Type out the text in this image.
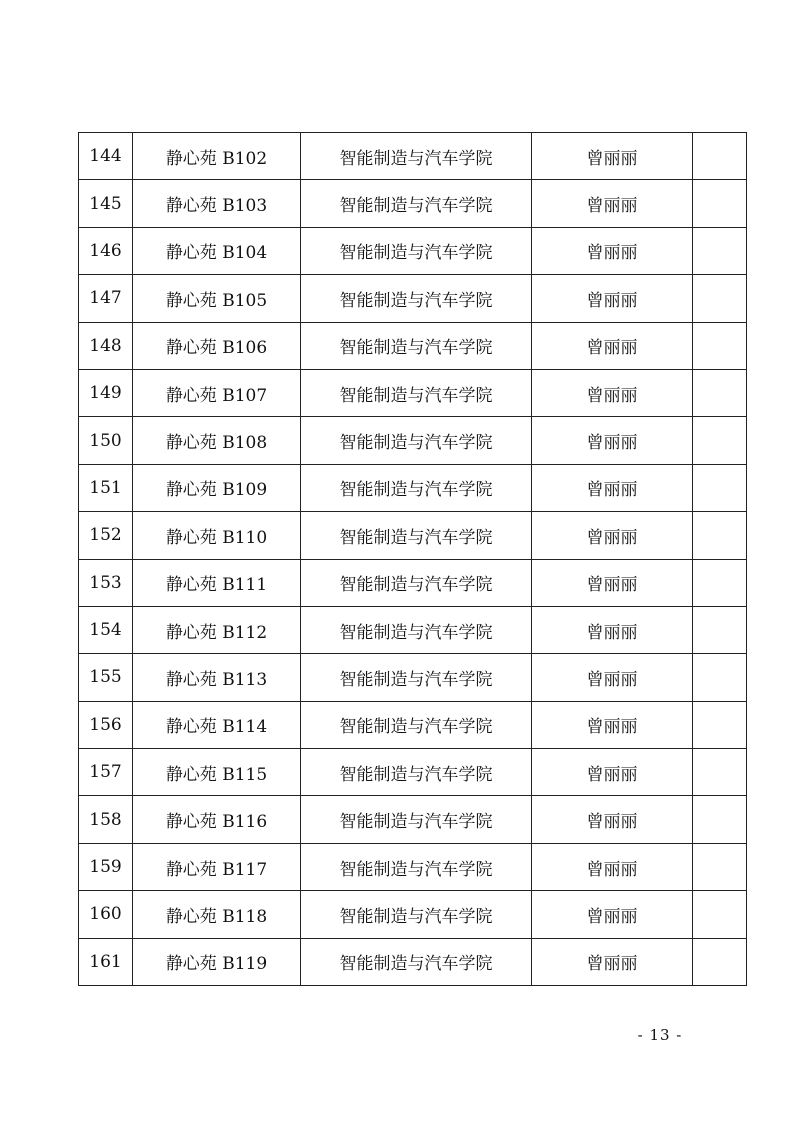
144	静心苑 B102	智能制造与汽车学院	曾丽丽	
145	静心苑 B103	智能制造与汽车学院	曾丽丽	
146	静心苑 B104	智能制造与汽车学院	曾丽丽	
147	静心苑 B105	智能制造与汽车学院	曾丽丽	
148	静心苑 B106	智能制造与汽车学院	曾丽丽	
149	静心苑 B107	智能制造与汽车学院	曾丽丽	
150	静心苑 B108	智能制造与汽车学院	曾丽丽	
151	静心苑 B109	智能制造与汽车学院	曾丽丽	
152	静心苑 B110	智能制造与汽车学院	曾丽丽	
153	静心苑 B111	智能制造与汽车学院	曾丽丽	
154	静心苑 B112	智能制造与汽车学院	曾丽丽	
155	静心苑 B113	智能制造与汽车学院	曾丽丽	
156	静心苑 B114	智能制造与汽车学院	曾丽丽	
157	静心苑 B115	智能制造与汽车学院	曾丽丽	
158	静心苑 B116	智能制造与汽车学院	曾丽丽	
159	静心苑 B117	智能制造与汽车学院	曾丽丽	
160	静心苑 B118	智能制造与汽车学院	曾丽丽	
161	静心苑 B119	智能制造与汽车学院	曾丽丽	
- 13 -
